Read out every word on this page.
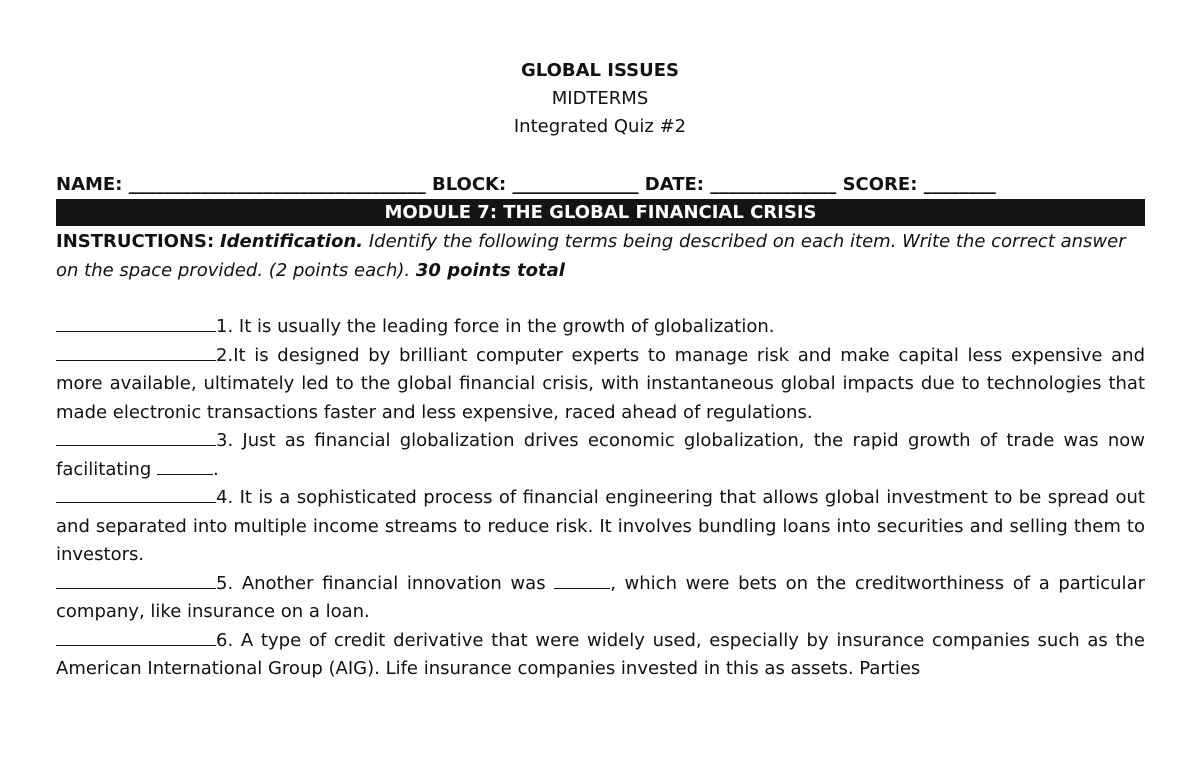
GLOBAL ISSUES
MIDTERMS
Integrated Quiz #2
NAME: _________________________________ BLOCK: ______________ DATE: ______________ SCORE: ________
MODULE 7: THE GLOBAL FINANCIAL CRISIS
INSTRUCTIONS: Identification. Identify the following terms being described on each item. Write the correct answer on the space provided. (2 points each). 30 points total
1. It is usually the leading force in the growth of globalization.
2.It is designed by brilliant computer experts to manage risk and make capital less expensive and more available, ultimately led to the global financial crisis, with instantaneous global impacts due to technologies that made electronic transactions faster and less expensive, raced ahead of regulations.
3. Just as financial globalization drives economic globalization, the rapid growth of trade was now facilitating	.
4. It is a sophisticated process of financial engineering that allows global investment to be spread out and separated into multiple income streams to reduce risk. It involves bundling loans into securities and selling them to investors.
5. Another financial innovation was	, which were bets on the creditworthiness of a particular company, like insurance on a loan.
6. A type of credit derivative that were widely used, especially by insurance companies such as the American International Group (AIG). Life insurance companies invested in this as assets. Parties
